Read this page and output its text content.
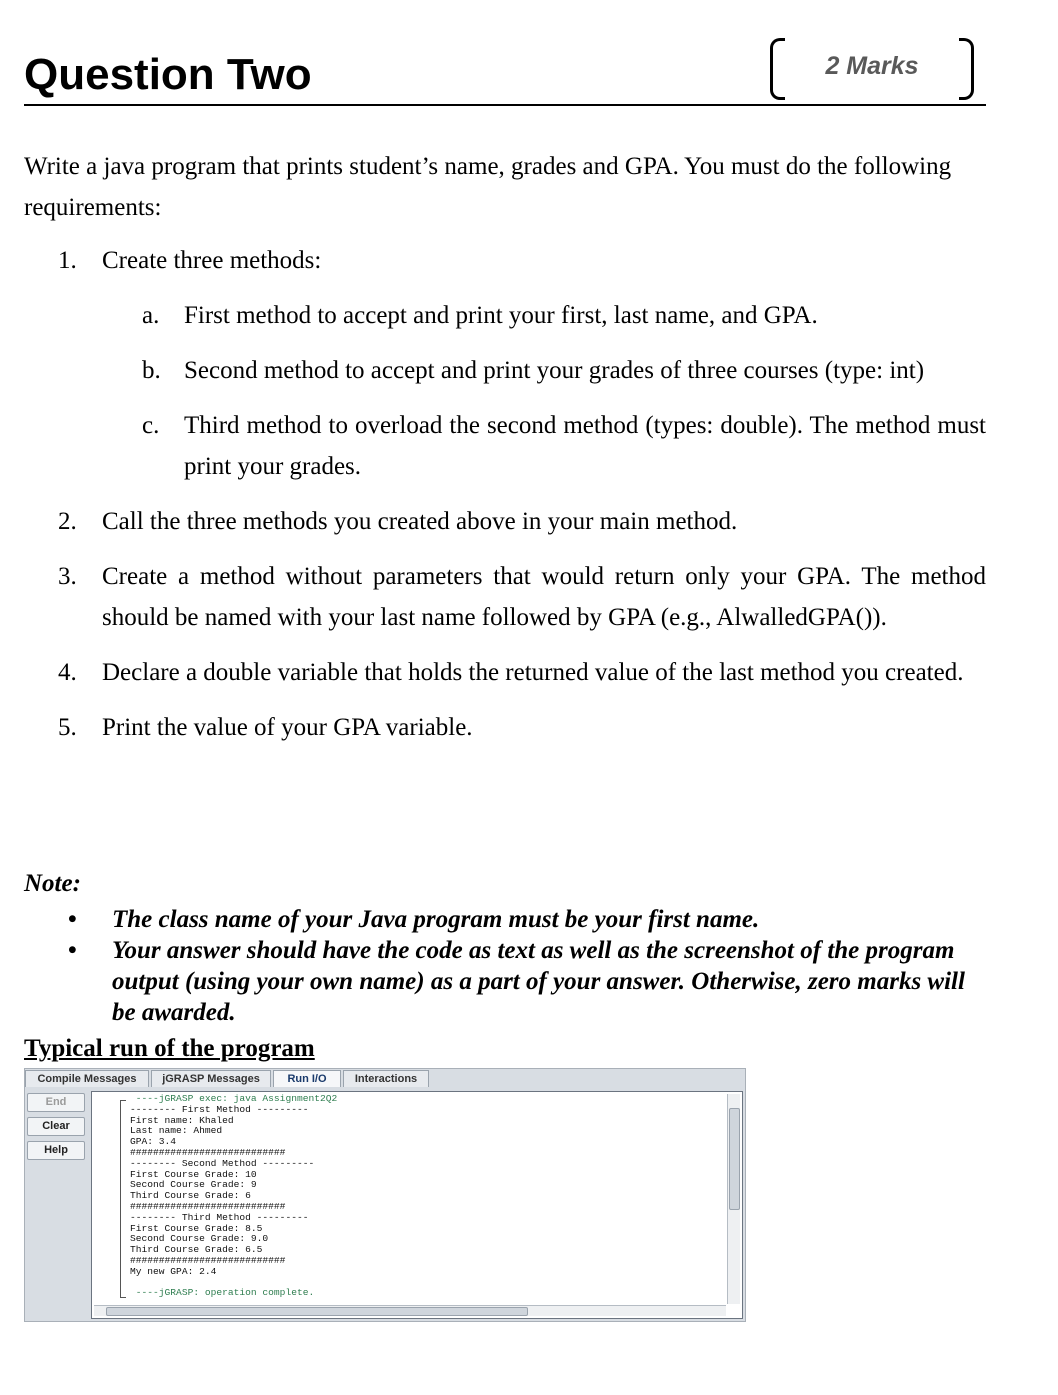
Question Two	2 Marks
Write a java program that prints student’s name, grades and GPA. You must do the following requirements:
1. Create three methods:
a. First method to accept and print your first, last name, and GPA.
b. Second method to accept and print your grades of three courses (type: int)
c. Third method to overload the second method (types: double). The method must print your grades.
2. Call the three methods you created above in your main method.
3. Create a method without parameters that would return only your GPA. The method should be named with your last name followed by GPA (e.g., AlwalledGPA()).
4. Declare a double variable that holds the returned value of the last method you created.
5. Print the value of your GPA variable.
Note:
• The class name of your Java program must be your first name.
• Your answer should have the code as text as well as the screenshot of the program output (using your own name) as a part of your answer. Otherwise, zero marks will be awarded.
Typical run of the program
Compile Messages	jGRASP Messages	Run I/O	Interactions
End
Clear
Help
----jGRASP exec: java Assignment2Q2
-------- First Method ---------
First name: Khaled
Last name: Ahmed
GPA: 3.4
###########################
-------- Second Method ---------
First Course Grade: 10
Second Course Grade: 9
Third Course Grade: 6
###########################
-------- Third Method ---------
First Course Grade: 8.5
Second Course Grade: 9.0
Third Course Grade: 6.5
###########################
My new GPA: 2.4

----jGRASP: operation complete.
